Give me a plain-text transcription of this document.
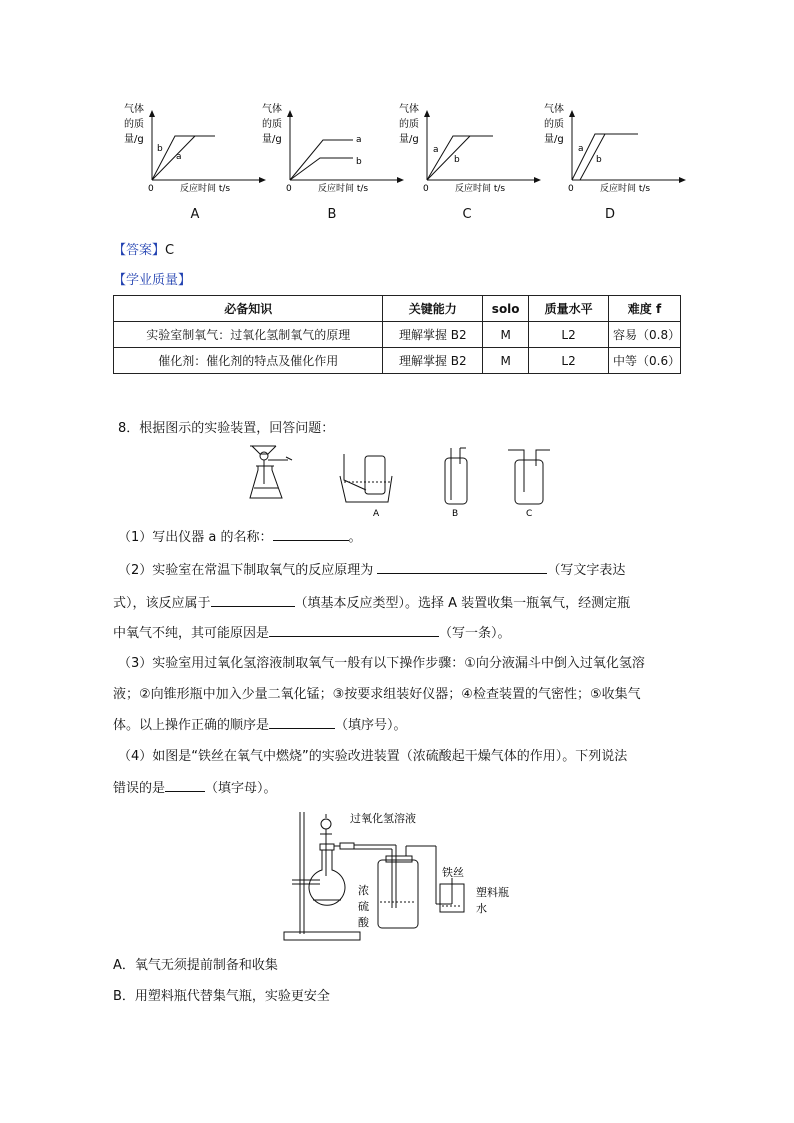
气体
的质
量/g
b
a
0	反应时间 t/s
气体
的质
量/g	a
b
0	反应时间 t/s
气体
的质
量/g
a
b
0	反应时间 t/s
气体
的质
量/g
a
b
0	反应时间 t/s
A	B	C	D
【答案】C
【学业质量】
必备知识	关键能力	solo	质量水平	难度 f
实验室制氧气：过氧化氢制氧气的原理	理解掌握 B2	M	L2	容易（0.8）
催化剂：催化剂的特点及催化作用	理解掌握 B2	M	L2	中等（0.6）
8．根据图示的实验装置，回答问题：
A	B	C
（1）写出仪器 a 的名称：	。
（2）实验室在常温下制取氧气的反应原理为	（写文字表达
式），该反应属于	（填基本反应类型）。选择 A 装置收集一瓶氧气，经测定瓶
中氧气不纯，其可能原因是	（写一条）。
（3）实验室用过氧化氢溶液制取氧气一般有以下操作步骤：①向分液漏斗中倒入过氧化氢溶
液；②向锥形瓶中加入少量二氧化锰；③按要求组装好仪器；④检查装置的气密性；⑤收集气
体。以上操作正确的顺序是	（填序号）。
（4）如图是“铁丝在氧气中燃烧”的实验改进装置（浓硫酸起干燥气体的作用）。下列说法
错误的是	（填字母）。
过氧化氢溶液
浓
硫
酸
铁丝
塑料瓶
水
A．氧气无须提前制备和收集
B．用塑料瓶代替集气瓶，实验更安全
